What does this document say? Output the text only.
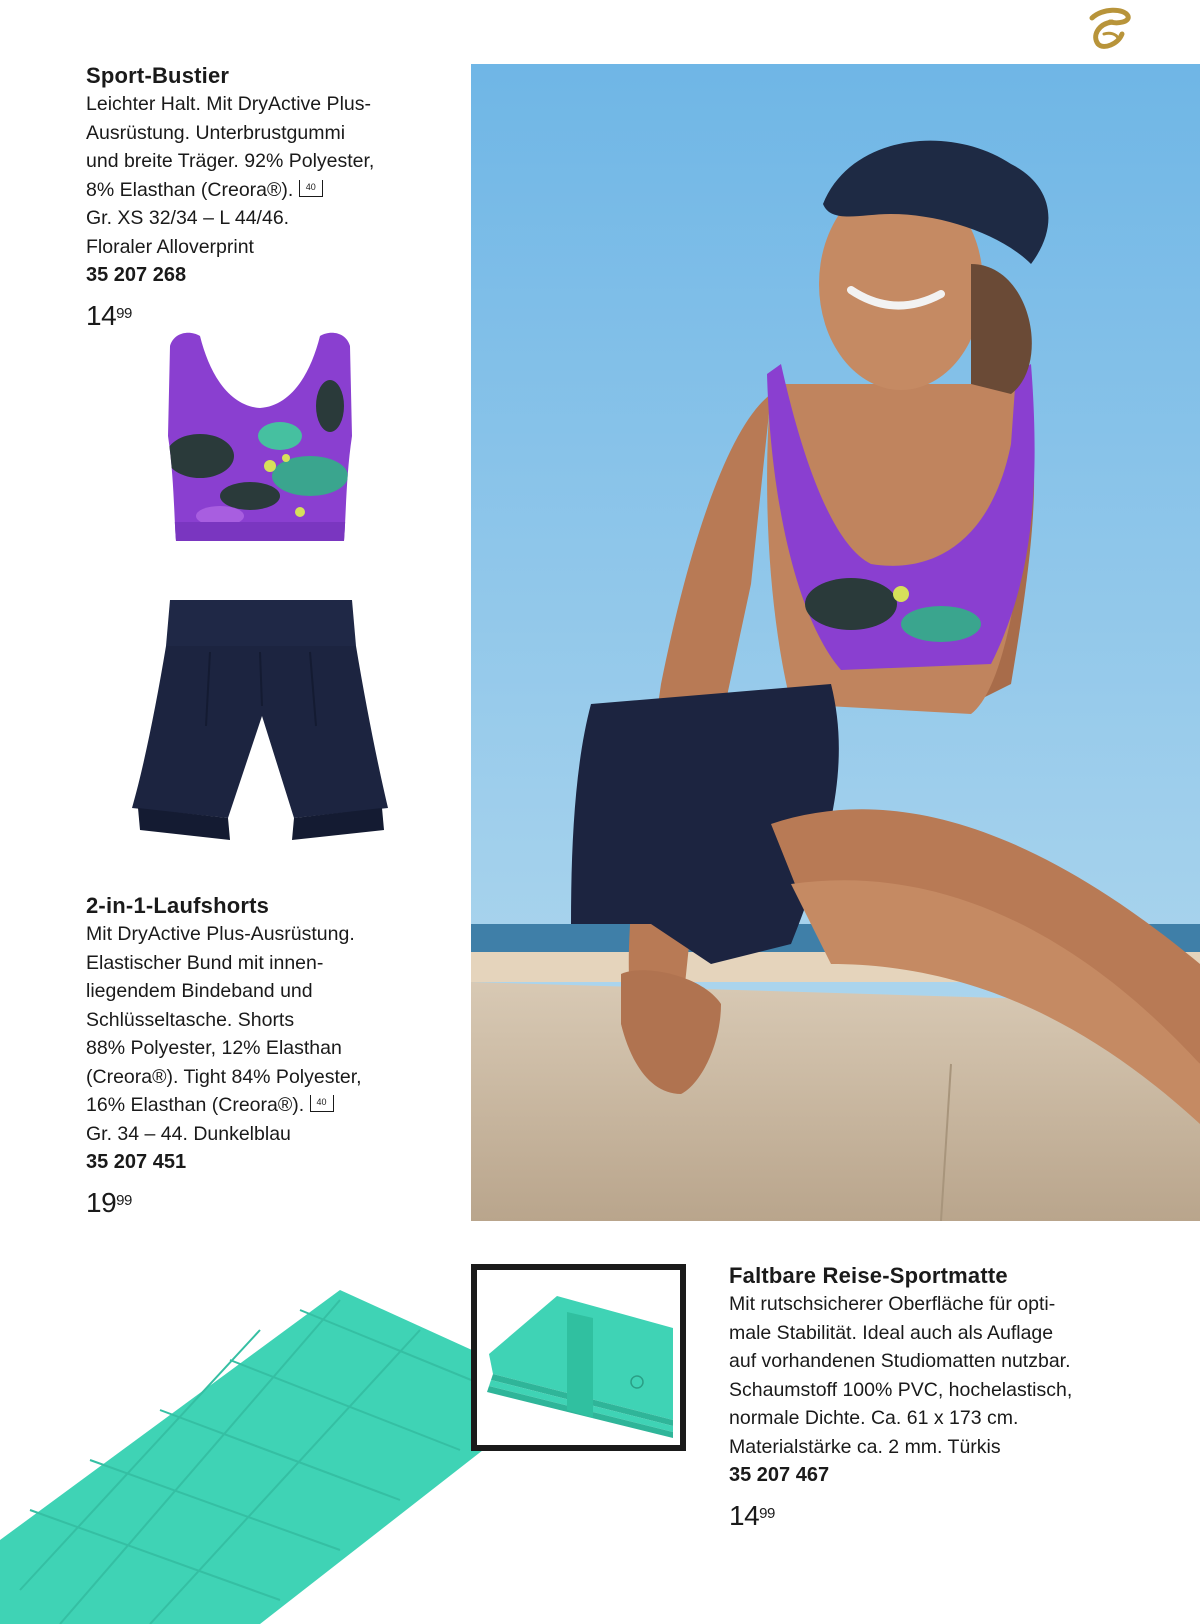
Sport-Bustier
Leichter Halt. Mit DryActive Plus-
Ausrüstung. Unterbrustgummi
und breite Träger. 92% Polyester,
8% Elasthan (Creora®). 40
Gr. XS 32/34 – L 44/46.
Floraler Alloverprint
35 207 268
$14^{99}$
2-in-1-Laufshorts
Mit DryActive Plus-Ausrüstung.
Elastischer Bund mit innen-
liegendem Bindeband und
Schlüsseltasche. Shorts
88% Polyester, 12% Elasthan
(Creora®). Tight 84% Polyester,
16% Elasthan (Creora®). 40
Gr. 34 – 44. Dunkelblau
35 207 451
$19^{99}$
Faltbare Reise-Sportmatte
Mit rutschsicherer Oberfläche für opti-
male Stabilität. Ideal auch als Auflage
auf vorhandenen Studiomatten nutzbar.
Schaumstoff 100% PVC, hochelastisch,
normale Dichte. Ca. 61 x 173 cm.
Materialstärke ca. 2 mm. Türkis
35 207 467
$14^{99}$
